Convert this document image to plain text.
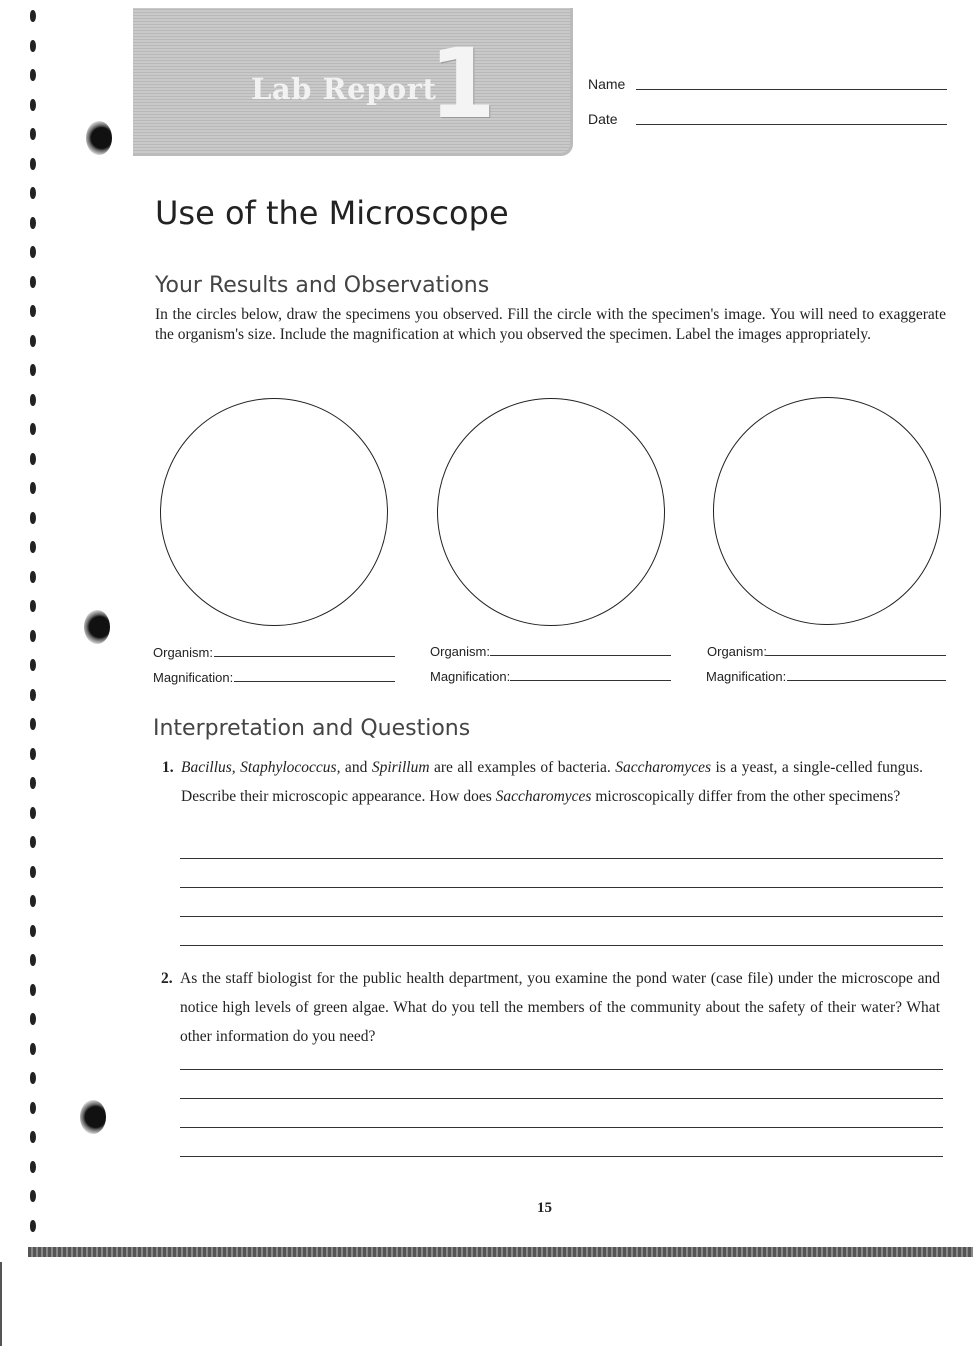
Lab Report
1	Name
Date
Use of the Microscope
Your Results and Observations
In the circles below, draw the specimens you observed. Fill the circle with the specimen's image. You will need to exaggerate the organism's size. Include the magnification at which you observed the specimen. Label the images appropriately.
Organism:
Magnification:
Organism:
Magnification:
Organism:
Magnification:
Interpretation and Questions
1. Bacillus, Staphylococcus, and Spirillum are all examples of bacteria. Saccharomyces is a yeast, a single-celled fungus. Describe their microscopic appearance. How does Saccharomyces microscopically differ from the other specimens?
2. As the staff biologist for the public health department, you examine the pond water (case file) under the microscope and notice high levels of green algae. What do you tell the members of the community about the safety of their water? What other information do you need?
15
